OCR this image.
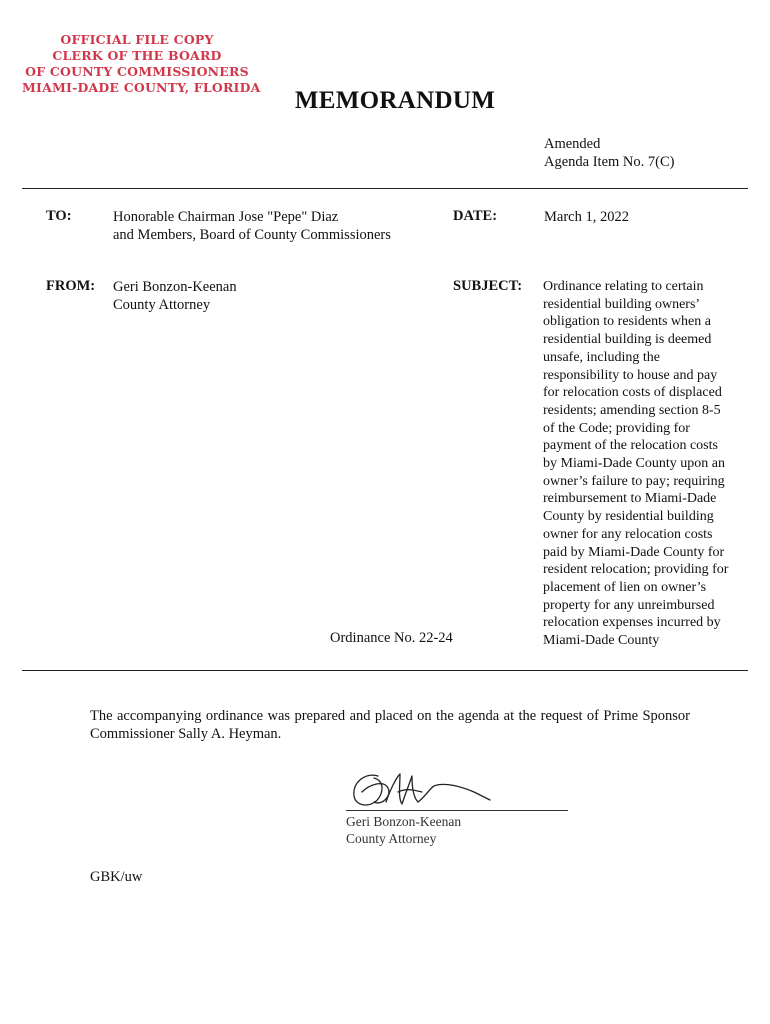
OFFICIAL FILE COPY
CLERK OF THE BOARD
OF COUNTY COMMISSIONERS
MIAMI-DADE COUNTY, FLORIDA	MEMORANDUM
Amended
Agenda Item No. 7(C)
TO:	Honorable Chairman Jose "Pepe" Diaz
and Members, Board of County Commissioners
DATE:	March 1, 2022
FROM: Geri Bonzon-Keenan
County Attorney
SUBJECT: Ordinance relating to certain
residential building owners’
obligation to residents when a
residential building is deemed
unsafe, including the
responsibility to house and pay
for relocation costs of displaced
residents; amending section 8-5
of the Code; providing for
payment of the relocation costs
by Miami-Dade County upon an
owner’s failure to pay; requiring
reimbursement to Miami-Dade
County by residential building
owner for any relocation costs
paid by Miami-Dade County for
resident relocation; providing for
placement of lien on owner’s
property for any unreimbursed
relocation expenses incurred by
Miami-Dade County
Ordinance No. 22-24
The accompanying ordinance was prepared and placed on the agenda at the request of Prime Sponsor Commissioner Sally A. Heyman.
Geri Bonzon-Keenan
County Attorney
GBK/uw
